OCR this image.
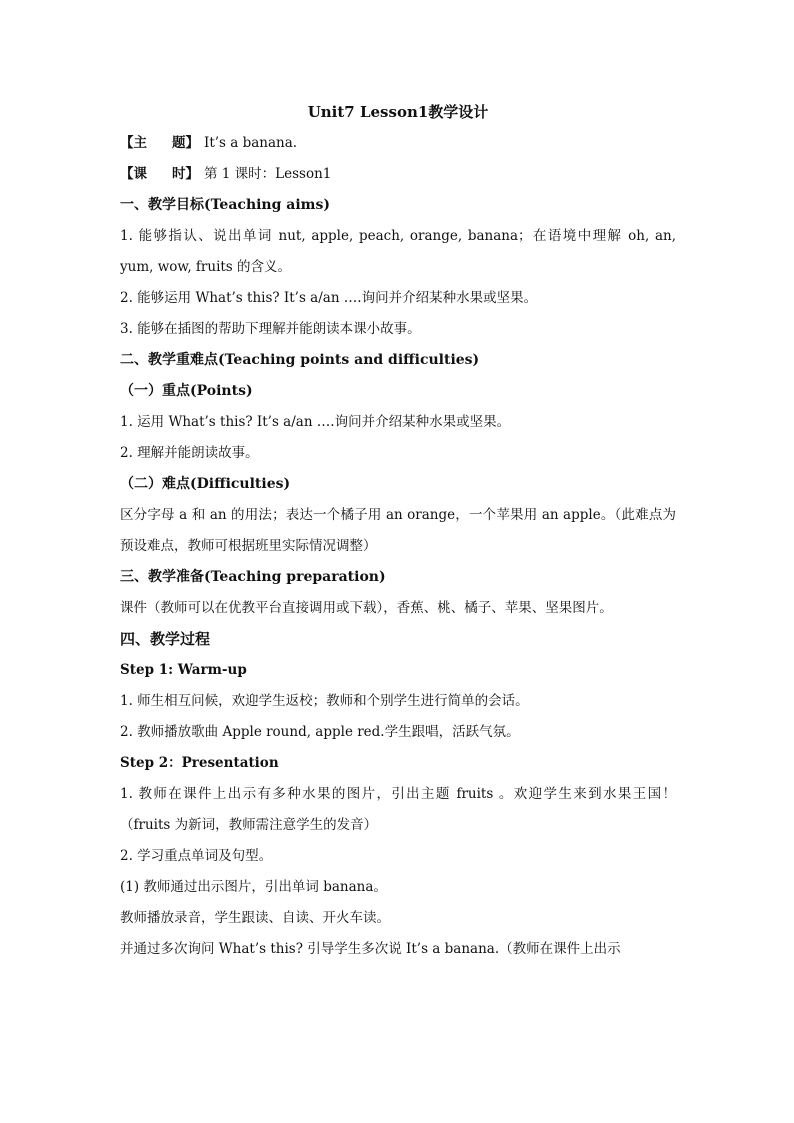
Unit7 Lesson1教学设计
【主 题】 It’s a banana.
【课 时】 第 1 课时：Lesson1
一、教学目标(Teaching aims)
1. 能够指认、说出单词 nut, apple, peach, orange, banana；在语境中理解 oh, an, yum, wow, fruits 的含义。
2. 能够运用 What’s this? It’s a/an ….询问并介绍某种水果或坚果。
3. 能够在插图的帮助下理解并能朗读本课小故事。
二、教学重难点(Teaching points and difficulties)
（一）重点(Points)
1. 运用 What’s this? It’s a/an ….询问并介绍某种水果或坚果。
2. 理解并能朗读故事。
（二）难点(Difficulties)
区分字母 a 和 an 的用法；表达一个橘子用 an orange，一个苹果用 an apple。（此难点为预设难点，教师可根据班里实际情况调整）
三、教学准备(Teaching preparation)
课件（教师可以在优教平台直接调用或下载），香蕉、桃、橘子、苹果、坚果图片。
四、教学过程
Step 1: Warm-up
1. 师生相互问候，欢迎学生返校；教师和个别学生进行简单的会话。
2. 教师播放歌曲 Apple round, apple red.学生跟唱，活跃气氛。
Step 2：Presentation
1. 教师在课件上出示有多种水果的图片，引出主题 fruits 。欢迎学生来到水果王国！（fruits 为新词，教师需注意学生的发音）
2. 学习重点单词及句型。
(1) 教师通过出示图片，引出单词 banana。
教师播放录音，学生跟读、自读、开火车读。
并通过多次询问 What’s this? 引导学生多次说 It’s a banana.（教师在课件上出示
